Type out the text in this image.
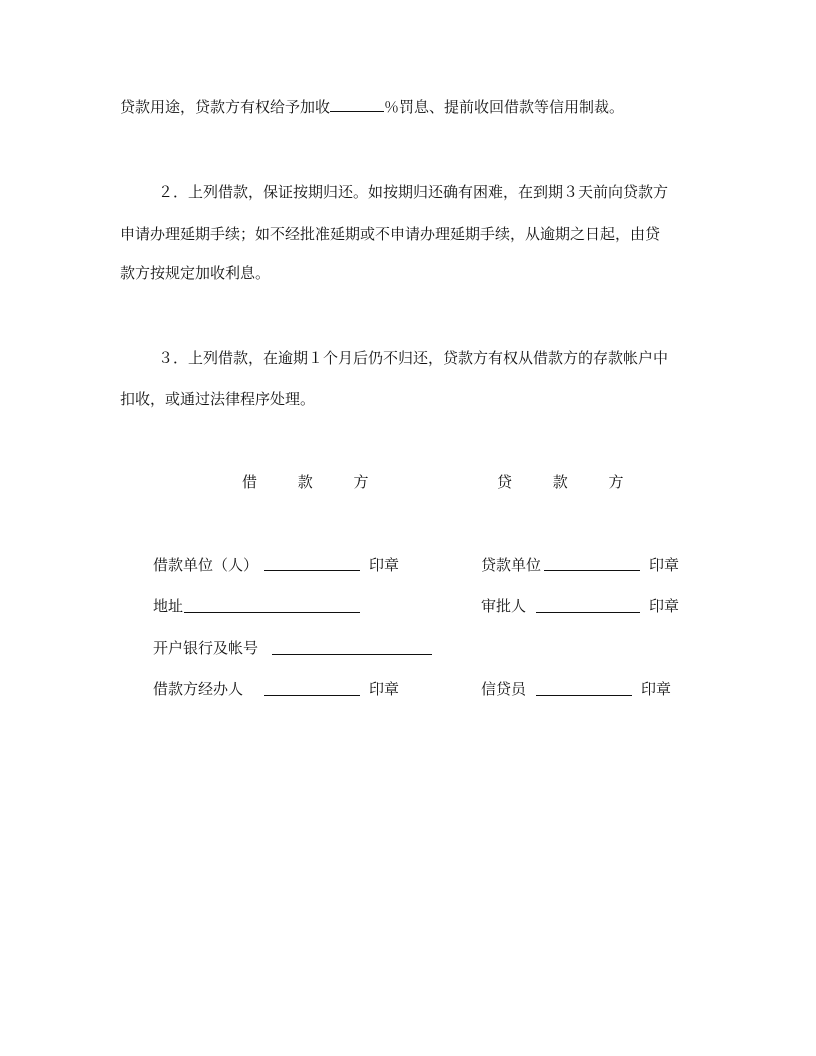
贷款用途，贷款方有权给予加收	％罚息、提前收回借款等信用制裁。
２．上列借款，保证按期归还。如按期归还确有困难，在到期３天前向贷款方
申请办理延期手续；如不经批准延期或不申请办理延期手续，从逾期之日起，由贷
款方按规定加收利息。
３．上列借款，在逾期１个月后仍不归还，贷款方有权从借款方的存款帐户中
扣收，或通过法律程序处理。
借 款 方	贷 款 方
借款单位（人）	印章	贷款单位	印章
地址	审批人	印章
开户银行及帐号
借款方经办人	印章	信贷员	印章
